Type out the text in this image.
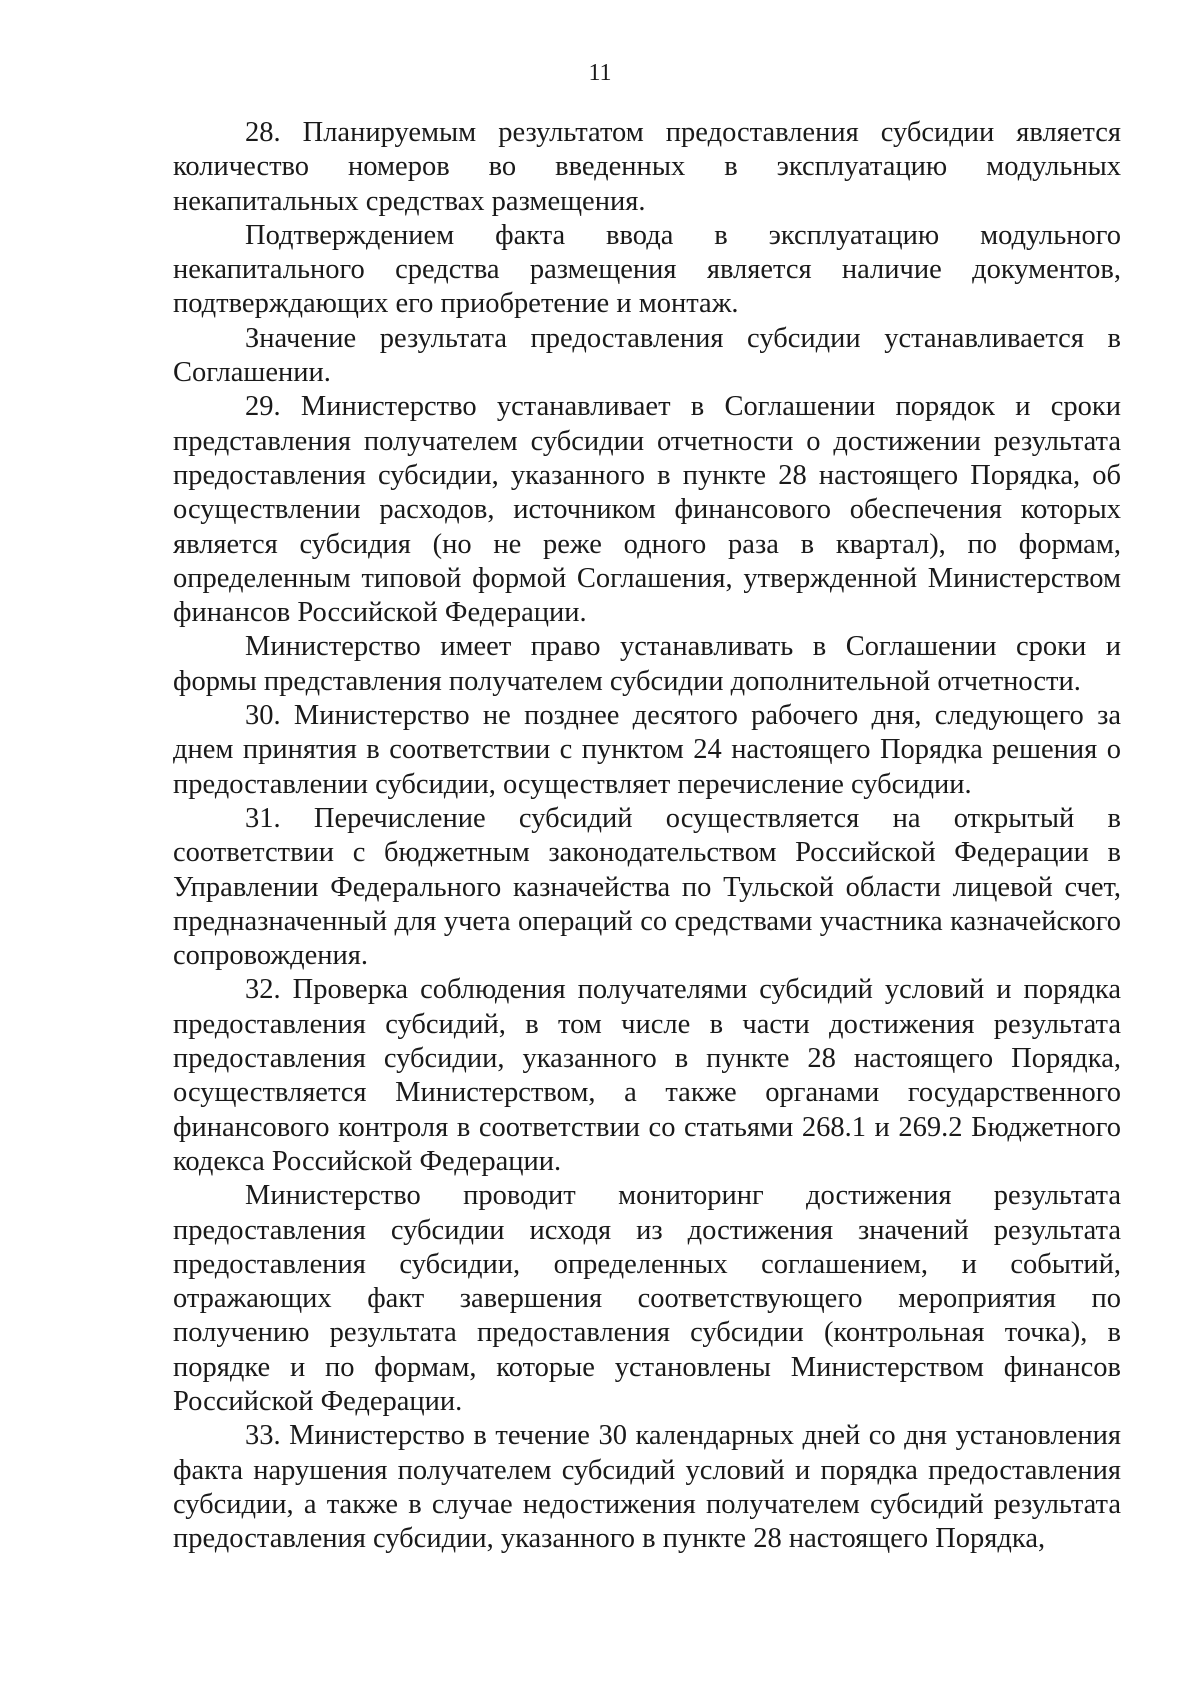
11

28. Планируемым результатом предоставления субсидии является количество номеров во введенных в эксплуатацию модульных некапитальных средствах размещения.

Подтверждением факта ввода в эксплуатацию модульного некапитального средства размещения является наличие документов, подтверждающих его приобретение и монтаж.

Значение результата предоставления субсидии устанавливается в Соглашении.

29. Министерство устанавливает в Соглашении порядок и сроки представления получателем субсидии отчетности о достижении результата предоставления субсидии, указанного в пункте 28 настоящего Порядка, об осуществлении расходов, источником финансового обеспечения которых является субсидия (но не реже одного раза в квартал), по формам, определенным типовой формой Соглашения, утвержденной Министерством финансов Российской Федерации.

Министерство имеет право устанавливать в Соглашении сроки и формы представления получателем субсидии дополнительной отчетности.

30. Министерство не позднее десятого рабочего дня, следующего за днем принятия в соответствии с пунктом 24 настоящего Порядка решения о предоставлении субсидии, осуществляет перечисление субсидии.

31. Перечисление субсидий осуществляется на открытый в соответствии с бюджетным законодательством Российской Федерации в Управлении Федерального казначейства по Тульской области лицевой счет, предназначенный для учета операций со средствами участника казначейского сопровождения.

32. Проверка соблюдения получателями субсидий условий и порядка предоставления субсидий, в том числе в части достижения результата предоставления субсидии, указанного в пункте 28 настоящего Порядка, осуществляется Министерством, а также органами государственного финансового контроля в соответствии со статьями 268.1 и 269.2 Бюджетного кодекса Российской Федерации.

Министерство проводит мониторинг достижения результата предоставления субсидии исходя из достижения значений результата предоставления субсидии, определенных соглашением, и событий, отражающих факт завершения соответствующего мероприятия по получению результата предоставления субсидии (контрольная точка), в порядке и по формам, которые установлены Министерством финансов Российской Федерации.

33. Министерство в течение 30 календарных дней со дня установления факта нарушения получателем субсидий условий и порядка предоставления субсидии, а также в случае недостижения получателем субсидий результата предоставления субсидии, указанного в пункте 28 настоящего Порядка,
